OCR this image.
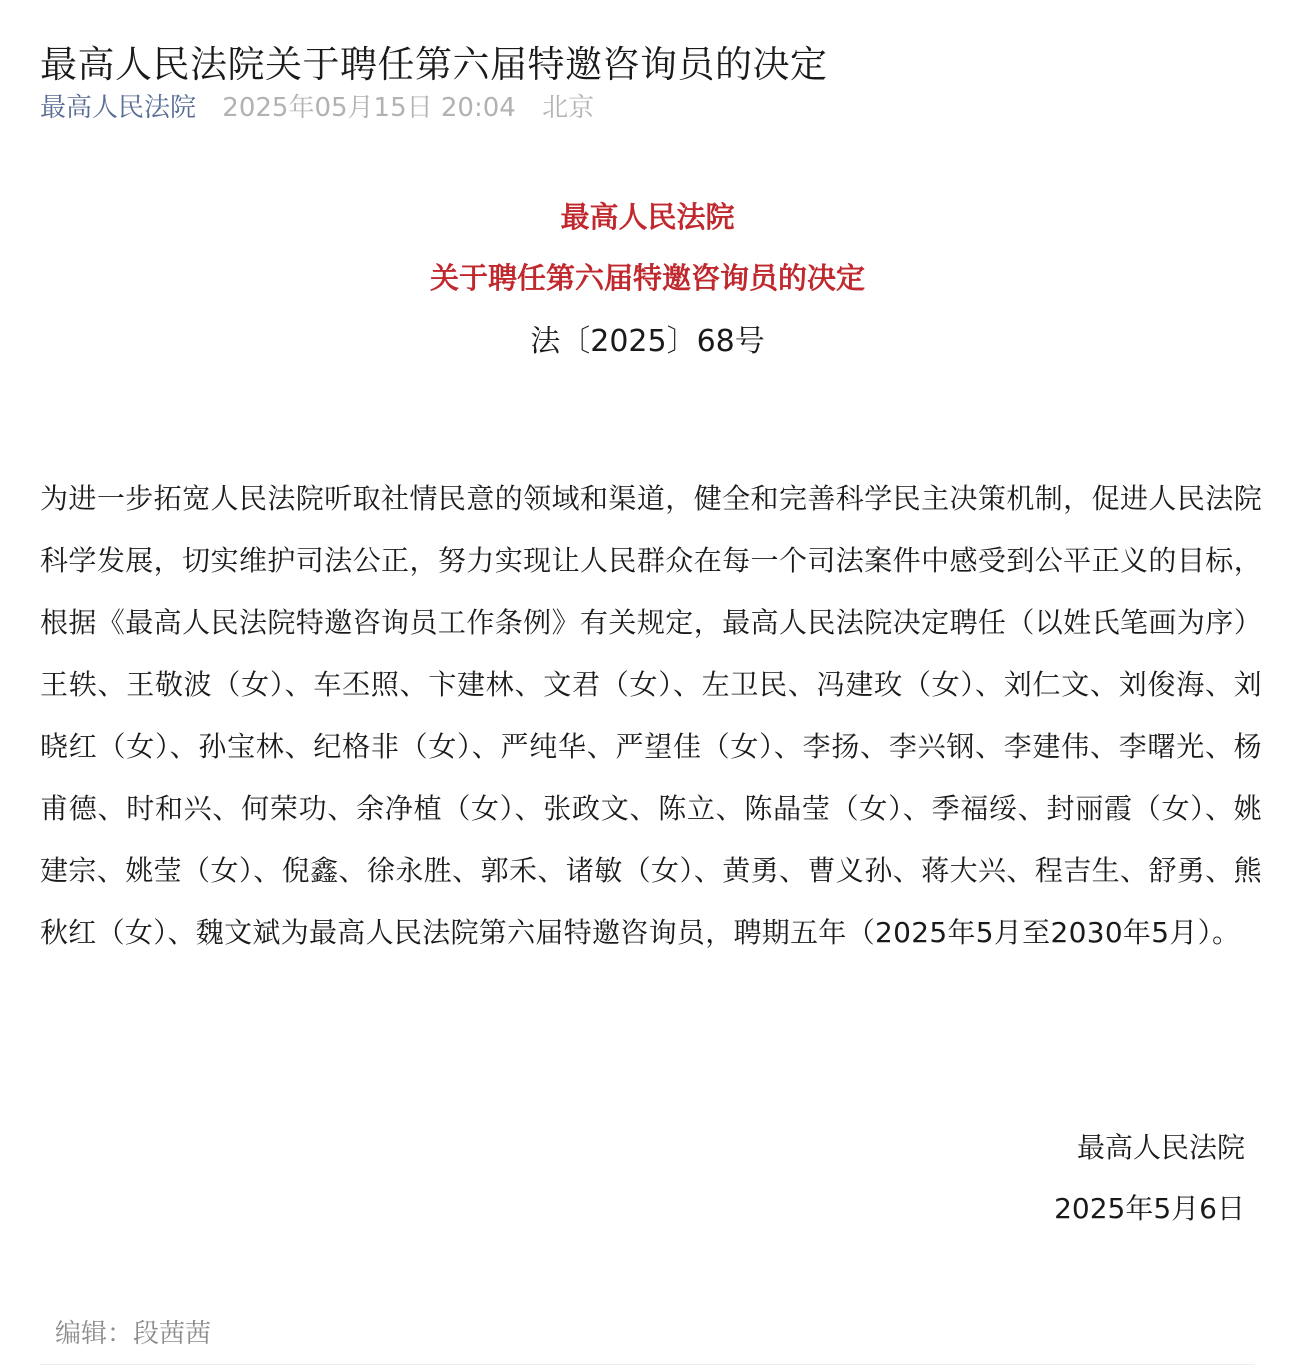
最高人民法院关于聘任第六届特邀咨询员的决定
最高人民法院 2025年05月15日 20:04 北京
最高人民法院
关于聘任第六届特邀咨询员的决定
法〔2025〕68号

为进一步拓宽人民法院听取社情民意的领域和渠道，健全和完善科学民主决策机制，促进人民法院科学发展，切实维护司法公正，努力实现让人民群众在每一个司法案件中感受到公平正义的目标，根据《最高人民法院特邀咨询员工作条例》有关规定，最高人民法院决定聘任（以姓氏笔画为序）王轶、王敬波（女）、车丕照、卞建林、文君（女）、左卫民、冯建玫（女）、刘仁文、刘俊海、刘晓红（女）、孙宝林、纪格非（女）、严纯华、严望佳（女）、李扬、李兴钢、李建伟、李曙光、杨甫德、时和兴、何荣功、余净植（女）、张政文、陈立、陈晶莹（女）、季福绥、封丽霞（女）、姚建宗、姚莹（女）、倪鑫、徐永胜、郭禾、诸敏（女）、黄勇、曹义孙、蒋大兴、程吉生、舒勇、熊秋红（女）、魏文斌为最高人民法院第六届特邀咨询员，聘期五年（2025年5月至2030年5月）。

最高人民法院
2025年5月6日
编辑：段茜茜
